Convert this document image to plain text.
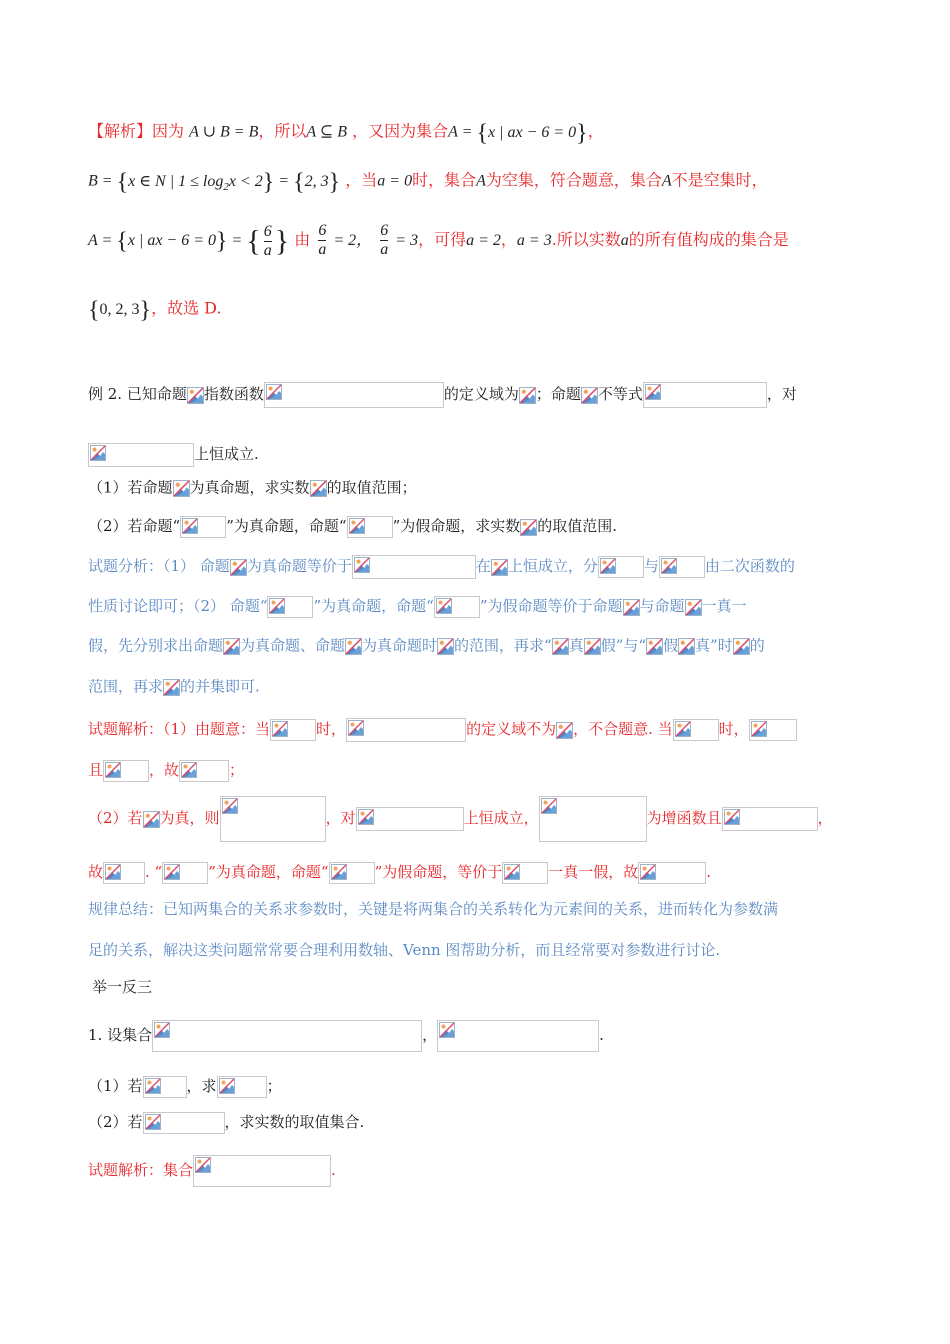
【解析】因为 A ∪ B = B，所以A ⊆ B ，又因为集合A = {x | ax − 6 = 0}，
B = {x ∈ N | $1 \le \log_2x < 2\} = \{2$, 3} ，当a = 0时，集合A为空集，符合题意，集合A不是空集时，
A = {x | ax − 6 = 0} = { $\frac{6}{a}$ } 由 $\frac{6}{a} = 2$， $\frac{6}{a} = 3$，可得a = 2，a = 3.所以实数a的所有值构成的集合是
{0, 2, 3}，故选 D.
例 2. 已知命题 指数函数	的定义域为 ；命题 不等式	，对
上恒成立.
（1）若命题 为真命题，求实数 的取值范围；
（2）若命题“	”为真命题，命题“	”为假命题，求实数 的取值范围.
试题分析：（1） 命题 为真命题等价于	在 上恒成立，分	与	由二次函数的
性质讨论即可；（2） 命题“	”为真命题，命题“	”为假命题等价于命题 与命题 一真一
假，先分别求出命题 为真命题、命题 为真命题时 的范围，再求“ 真 假”与“ 假 真”时 的
范围，再求 的并集即可.
试题解析：（1）由题意：当	时，	的定义域不为 ，不合题意. 当	时，
且	，故	；
（2）若 为真，则	，对	上恒成立，	为增函数且	，
故	. “	”为真命题，命题“	”为假命题，等价于	一真一假，故	.
规律总结：已知两集合的关系求参数时，关键是将两集合的关系转化为元素间的关系，进而转化为参数满
足的关系，解决这类问题常常要合理利用数轴、Venn 图帮助分析，而且经常要对参数进行讨论.
举一反三
1. 设集合	，	.
（1）若	，求	；
（2）若	，求实数的取值集合.
试题解析：集合	.
